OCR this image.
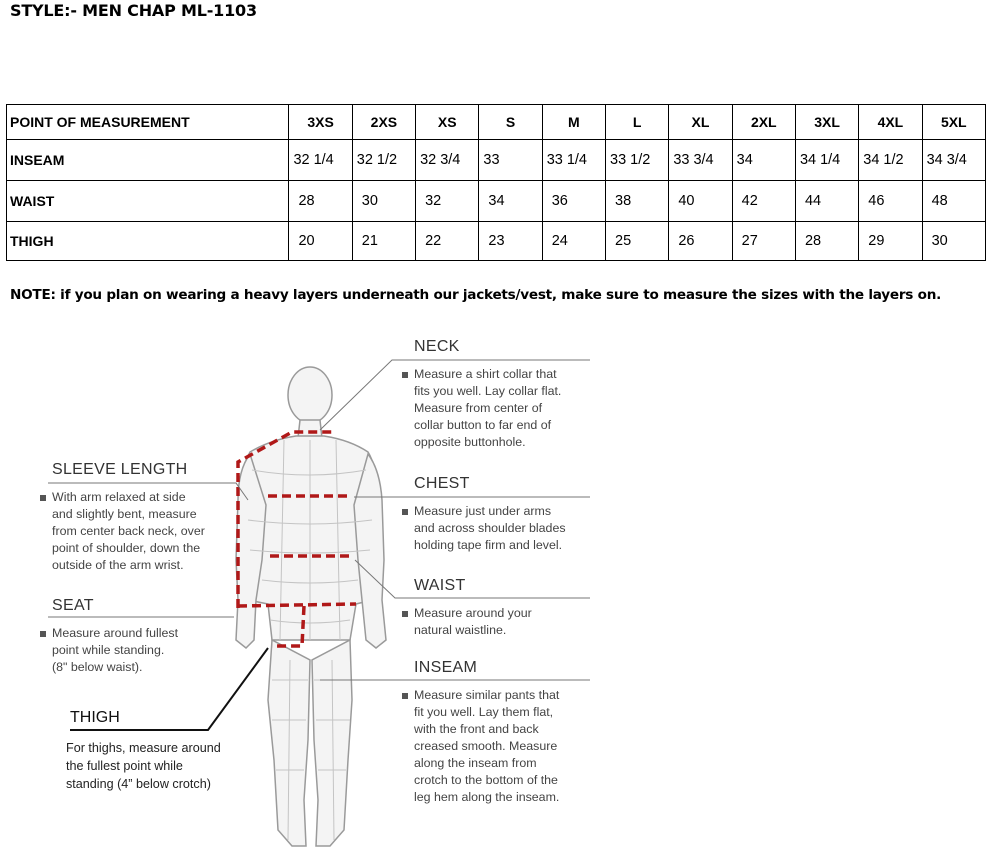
STYLE:- MEN CHAP ML-1103
POINT OF MEASUREMENT	3XS	2XS	XS	S	M	L	XL	2XL	3XL	4XL	5XL
INSEAM	32 1/4	32 1/2	32 3/4	33	33 1/4	33 1/2	33 3/4	34	34 1/4	34 1/2	34 3/4
WAIST	28	30	32	34	36	38	40	42	44	46	48
THIGH	20	21	22	23	24	25	26	27	28	29	30
NOTE: if you plan on wearing a heavy layers underneath our jackets/vest, make sure to measure the sizes with the layers on.
NECK
Measure a shirt collar that
fits you well. Lay collar flat.
Measure from center of
collar button to far end of
opposite buttonhole.
CHEST
Measure just under arms
and across shoulder blades
holding tape firm and level.
WAIST
Measure around your
natural waistline.
INSEAM
Measure similar pants that
fit you well. Lay them flat,
with the front and back
creased smooth. Measure
along the inseam from
crotch to the bottom of the
leg hem along the inseam.
SLEEVE LENGTH
With arm relaxed at side
and slightly bent, measure
from center back neck, over
point of shoulder, down the
outside of the arm wrist.
SEAT
Measure around fullest
point while standing.
(8" below waist).
THIGH
For thighs, measure around
the fullest point while
standing (4” below crotch)
